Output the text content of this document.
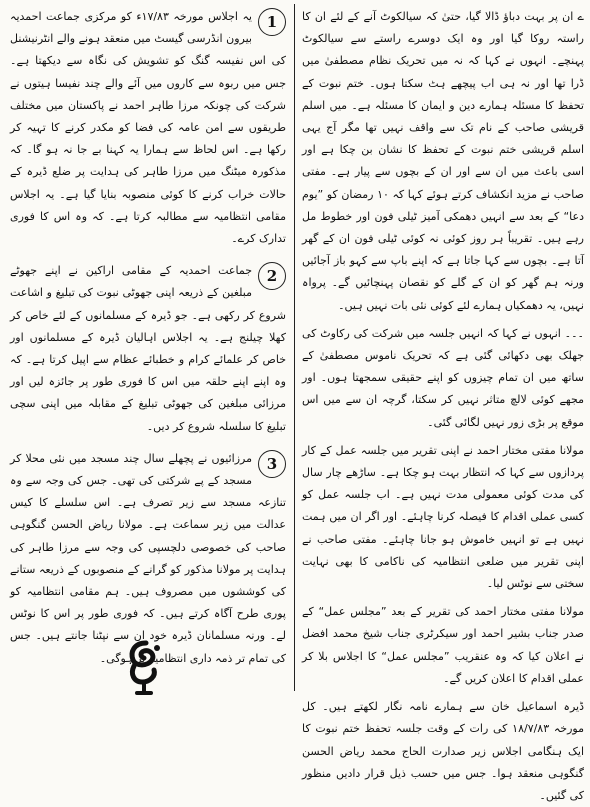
ے ان پر بہت دباؤ ڈالا گیا، حتیٰ کہ سیالکوٹ آنے کے لئے ان کا راستہ روکا گیا اور وہ ایک دوسرے راستے سے سیالکوٹ پہنچے۔ انہوں نے کہا کہ نہ میں تحریک نظام مصطفیٰ میں ڈرا تھا اور نہ ہی اب پیچھے ہٹ سکتا ہوں۔ ختم نبوت کے تحفظ کا مسئلہ ہمارے دین و ایمان کا مسئلہ ہے۔ میں اسلم قریشی صاحب کے نام تک سے واقف نہیں تھا مگر آج یہی اسلم قریشی ختم نبوت کے تحفظ کا نشان بن چکا ہے اور اسی باعث میں ان سے اور ان کے بچوں سے پیار ہے۔ مفتی صاحب نے مزید انکشاف کرتے ہوئے کہا کہ ۱۰ رمضان کو ”یوم دعا“ کے بعد سے انہیں دھمکی آمیز ٹیلی فون اور خطوط مل رہے ہیں۔ تقریباً ہر روز کوئی نہ کوئی ٹیلی فون ان کے گھر آتا ہے۔ بچوں سے کہا جاتا ہے کہ اپنے باپ سے کہو باز آجائیں ورنہ ہم گھر کو ان کے گلے کو نقصان پہنچائیں گے۔ پرواہ نہیں، یہ دھمکیاں ہمارے لئے کوئی نئی بات نہیں ہیں۔

۔۔۔ انہوں نے کہا کہ انہیں جلسہ میں شرکت کی رکاوٹ کی جھلک بھی دکھائی گئی ہے کہ تحریک ناموس مصطفیٰ کے ساتھ میں ان تمام چیزوں کو اپنے حقیقی سمجھتا ہوں۔ اور مجھے کوئی لالچ متاثر نہیں کر سکتا، گرچہ ان سے میں اس موقع پر بڑی زور نہیں لگائی گئی۔

مولانا مفتی مختار احمد نے اپنی تقریر میں جلسہ عمل کے کار پردازوں سے کہا کہ انتظار بہت ہو چکا ہے۔ ساڑھے چار سال کی مدت کوئی معمولی مدت نہیں ہے۔ اب جلسہ عمل کو کسی عملی اقدام کا فیصلہ کرنا چاہئے۔ اور اگر ان میں ہمت نہیں ہے تو انہیں خاموش ہو جانا چاہئے۔ مفتی صاحب نے اپنی تقریر میں ضلعی انتظامیہ کی ناکامی کا بھی نہایت سختی سے نوٹس لیا۔

مولانا مفتی مختار احمد کی تقریر کے بعد ”مجلس عمل“ کے صدر جناب بشیر احمد اور سیکرٹری جناب شیخ محمد افضل نے اعلان کیا کہ وہ عنقریب ”مجلس عمل“ کا اجلاس بلا کر عملی اقدام کا اعلان کریں گے۔

ڈیرہ اسماعیل خان سے ہمارے نامہ نگار لکھتے ہیں۔ کل مورخہ ۱۸/۷/۸۳ کی رات کے وقت جلسہ تحفظ ختم نبوت کا ایک ہنگامی اجلاس زیر صدارت الحاج محمد ریاض الحسن گنگوہی منعقد ہوا۔ جس میں حسب ذیل قرار دادیں منظور کی گئیں۔

1
یہ اجلاس مورخہ ۱۷/۸۳ء کو مرکزی جماعت احمدیہ بیرون انڈرسی گیسٹ میں منعقد ہونے والے انٹرنیشنل کی اس نفیسہ گنگ کو تشویش کی نگاہ سے دیکھتا ہے۔ جس میں ربوہ سے کاروں میں آئے والے چند نفیسا ہیتوں نے شرکت کی چونکہ مرزا طاہر احمد نے پاکستان میں مختلف طریقوں سے امن عامہ کی فضا کو مکدر کرنے کا تہیہ کر رکھا ہے۔ اس لحاظ سے ہمارا یہ کہنا بے جا نہ ہو گا۔ کہ مذکورہ میٹنگ میں مرزا طاہر کی ہدایت پر ضلع ڈیرہ کے حالات خراب کرنے کا کوئی منصوبہ بنایا گیا ہے۔ یہ اجلاس مقامی انتظامیہ سے مطالبہ کرتا ہے۔ کہ وہ اس کا فوری تدارک کرے۔
2
جماعت احمدیہ کے مقامی اراکین نے اپنے جھوٹے مبلغین کے ذریعہ اپنی جھوٹی نبوت کی تبلیغ و اشاعت شروع کر رکھی ہے۔ جو ڈیرہ کے مسلمانوں کے لئے خاص کر کھلا چیلنج ہے۔ یہ اجلاس اہالیان ڈیرہ کے مسلمانوں اور خاص کر علمائے کرام و خطبائے عظام سے اپیل کرتا ہے۔ کہ وہ اپنے اپنے حلقہ میں اس کا فوری طور پر جائزہ لیں اور مرزائی مبلغین کی جھوٹی تبلیغ کے مقابلہ میں اپنی سچی تبلیغ کا سلسلہ شروع کر دیں۔
3
مرزائیوں نے پچھلے سال چند مسجد میں نئی محلا کر مسجد کے پے شرکتی کی تھی۔ جس کی وجہ سے وہ تنازعہ مسجد سے زیر تصرف ہے۔ اس سلسلے کا کیس عدالت میں زیر سماعت ہے۔ مولانا ریاض الحسن گنگوہی صاحب کی خصوصی دلچسپی کی وجہ سے مرزا طاہر کی ہدایت پر مولانا مذکور کو گرانے کے منصوبوں کے ذریعہ ستانے کی کوششوں میں مصروف ہیں۔ ہم مقامی انتظامیہ کو پوری طرح آگاہ کرتے ہیں۔ کہ فوری طور پر اس کا نوٹس لے۔ ورنہ مسلمانان ڈیرہ خود ان سے نپٹنا جانتے ہیں۔ جس کی تمام تر ذمہ داری انتظامیہ پر ہوگی۔
